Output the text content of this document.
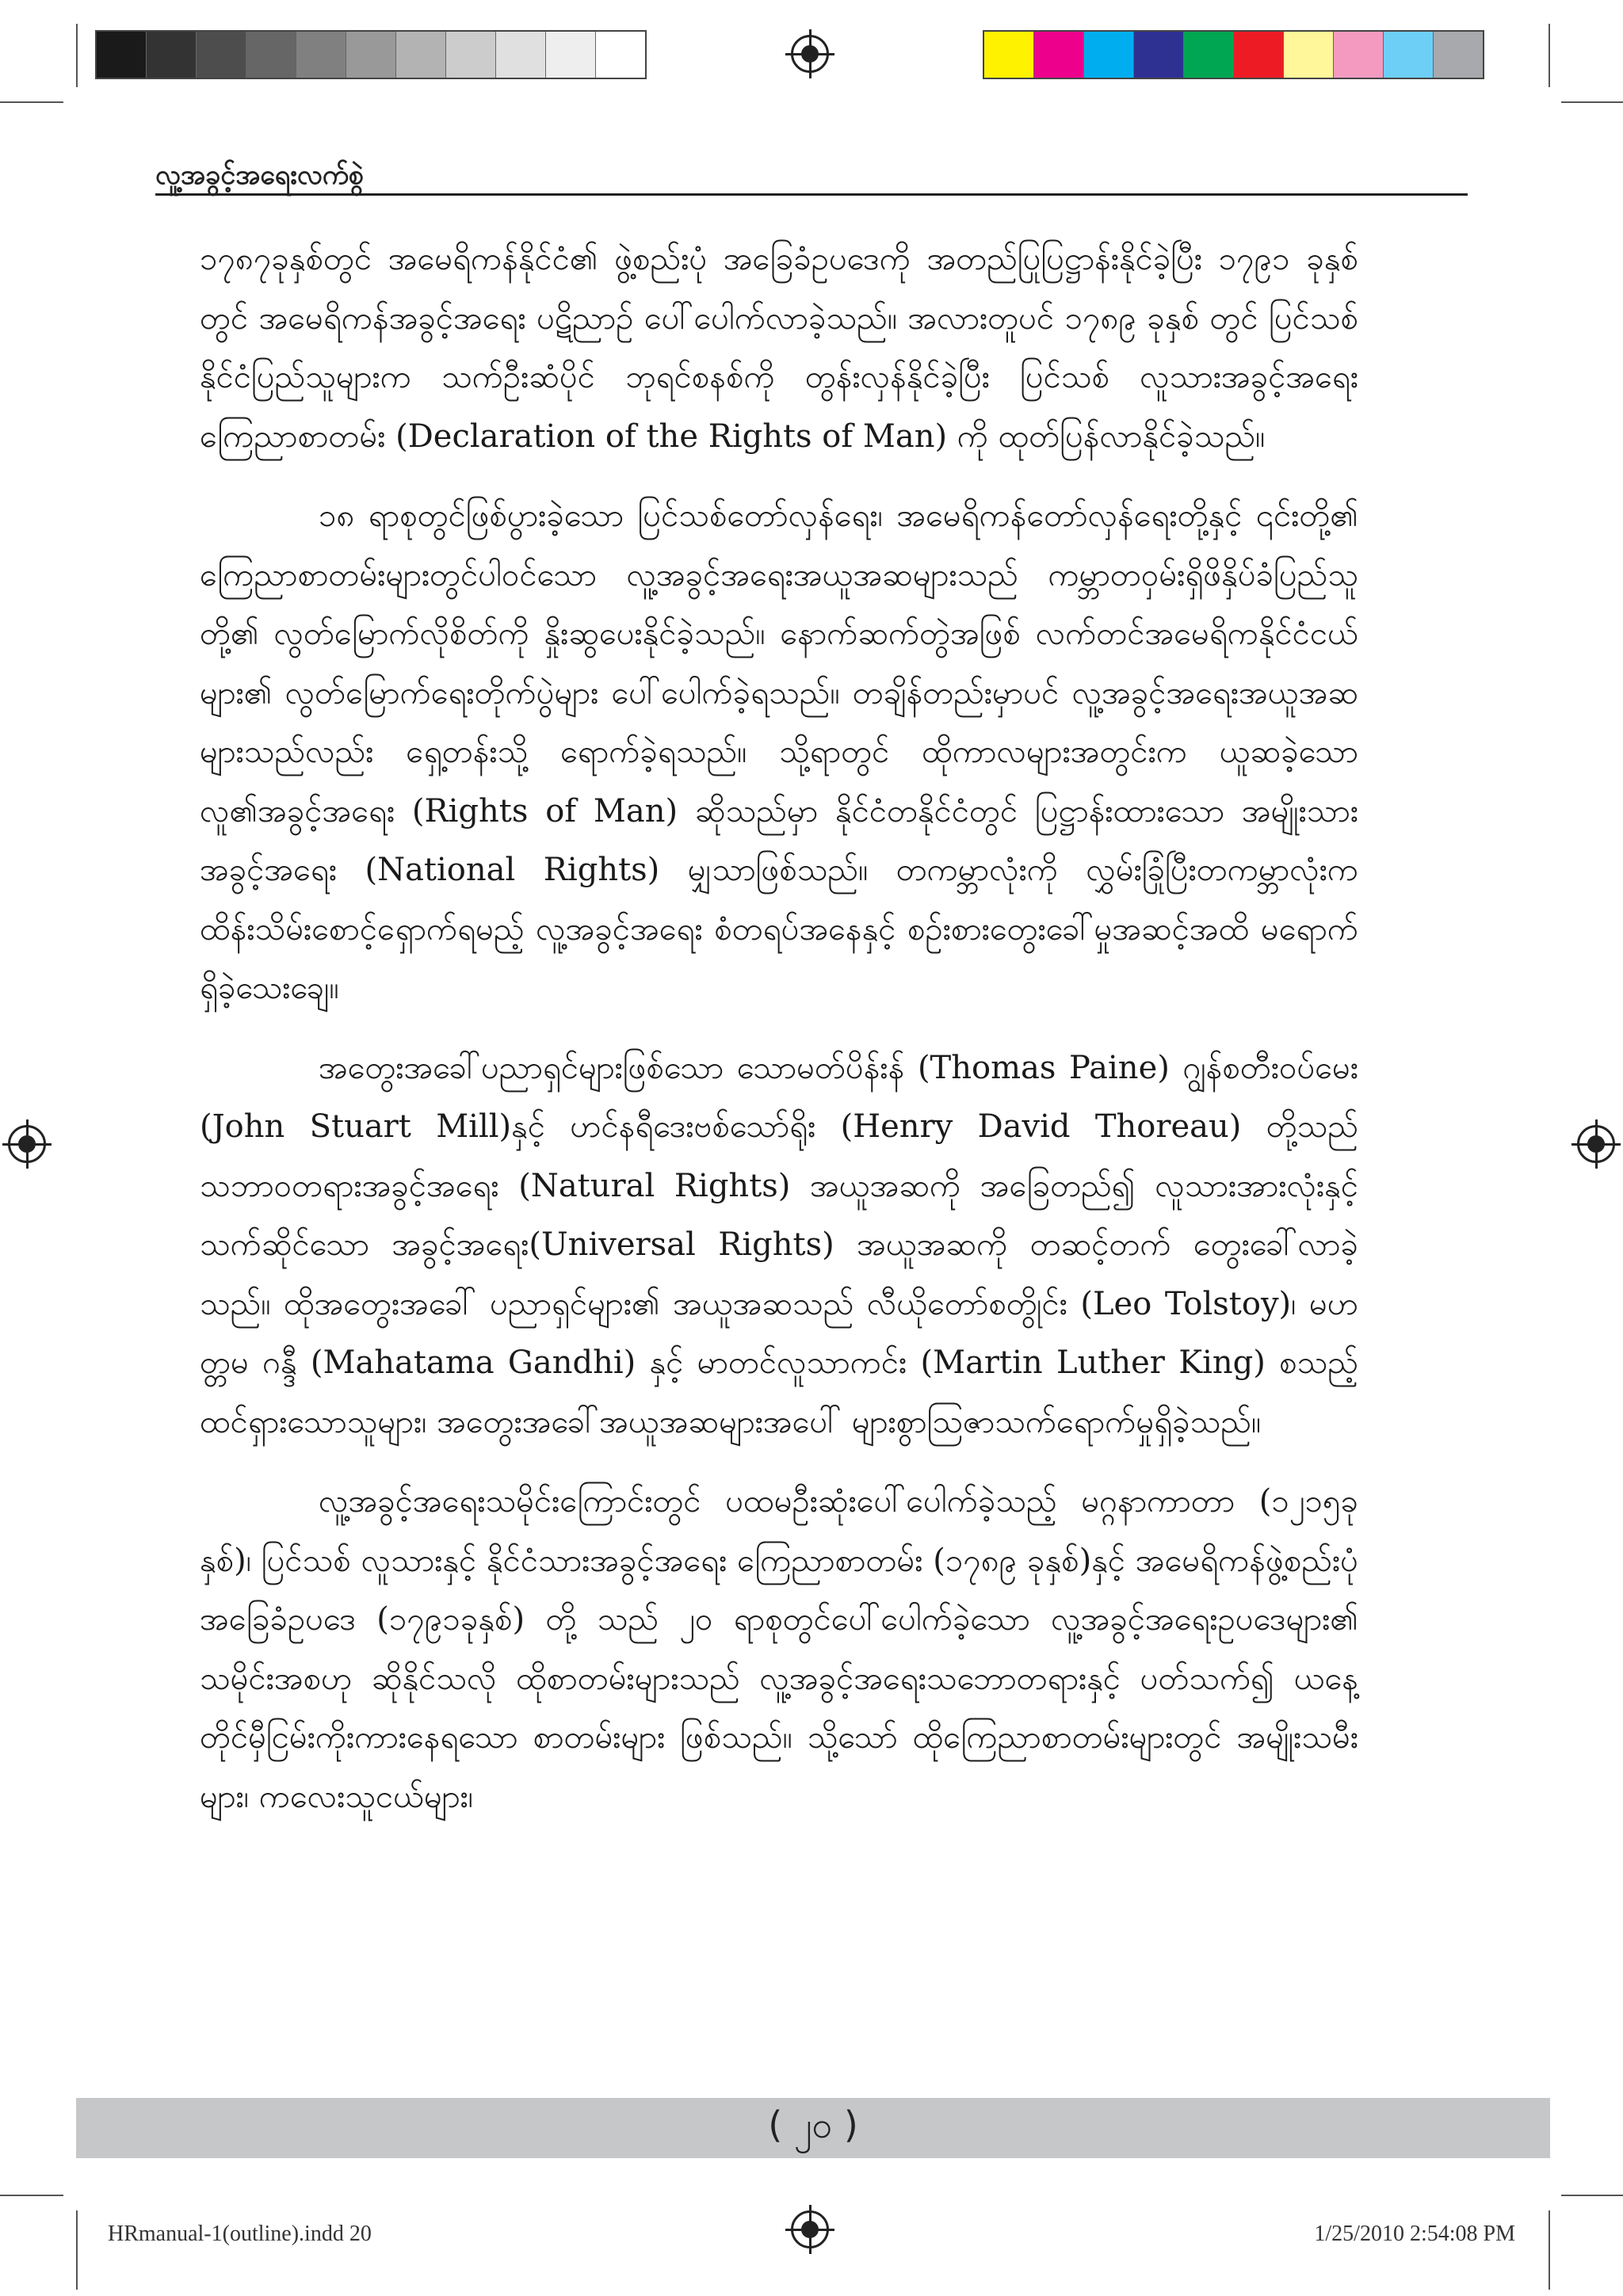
လူ့အခွင့်အရေးလက်စွဲ

၁၇၈၇ခုနှစ်တွင် အမေရိကန်နိုင်ငံ၏ ဖွဲ့စည်းပုံ အခြေခံဥပဒေကို အတည်ပြုပြဋ္ဌာန်းနိုင်ခဲ့ပြီး ၁၇၉၁ ခုနှစ်တွင် အမေရိကန်အခွင့်အရေး ပဋိညာဉ် ပေါ်ပေါက်လာခဲ့သည်။ အလားတူပင် ၁၇၈၉ ခုနှစ် တွင် ပြင်သစ်နိုင်ငံပြည်သူများက သက်ဦးဆံပိုင် ဘုရင်စနစ်ကို တွန်းလှန်နိုင်ခဲ့ပြီး ပြင်သစ် လူသားအခွင့်အရေး ကြေညာစာတမ်း (Declaration of the Rights of Man) ကို ထုတ်ပြန်လာနိုင်ခဲ့သည်။

၁၈ ရာစုတွင်ဖြစ်ပွားခဲ့သော ပြင်သစ်တော်လှန်ရေး၊ အမေရိကန်တော်လှန်ရေးတို့နှင့် ၎င်းတို့၏ ကြေညာစာတမ်းများတွင်ပါဝင်သော လူ့အခွင့်အရေးအယူအဆများသည် ကမ္ဘာတဝှမ်းရှိဖိနှိပ်ခံပြည်သူတို့၏ လွတ်မြောက်လိုစိတ်ကို နှိုးဆွပေးနိုင်ခဲ့သည်။ နောက်ဆက်တွဲအဖြစ် လက်တင်အမေရိကနိုင်ငံငယ်များ၏ လွတ်မြောက်ရေးတိုက်ပွဲများ ပေါ်ပေါက်ခဲ့ရသည်။ တချိန်တည်းမှာပင် လူ့အခွင့်အရေးအယူအဆများသည်လည်း ရှေ့တန်းသို့ ရောက်ခဲ့ရသည်။ သို့ရာတွင် ထိုကာလများအတွင်းက ယူဆခဲ့သော လူ၏အခွင့်အရေး (Rights of Man) ဆိုသည်မှာ နိုင်ငံတနိုင်ငံတွင် ပြဋ္ဌာန်းထားသော အမျိုးသားအခွင့်အရေး (National Rights) မျှသာဖြစ်သည်။ တကမ္ဘာလုံးကို လွှမ်းခြုံပြီးတကမ္ဘာလုံးက ထိန်းသိမ်းစောင့်ရှောက်ရမည့် လူ့အခွင့်အရေး စံတရပ်အနေနှင့် စဉ်းစားတွေးခေါ်မှုအဆင့်အထိ မရောက်ရှိခဲ့သေးချေ။

အတွေးအခေါ်ပညာရှင်များဖြစ်သော သောမတ်ပိန်းန် (Thomas Paine) ဂျွန်စတီးဝပ်မေး (John Stuart Mill)နှင့် ဟင်နရီဒေးဗစ်သော်ရိုး (Henry David Thoreau) တို့သည် သဘာဝတရားအခွင့်အရေး (Natural Rights) အယူအဆကို အခြေတည်၍ လူသားအားလုံးနှင့်သက်ဆိုင်သော အခွင့်အရေး(Universal Rights) အယူအဆကို တဆင့်တက် တွေးခေါ်လာခဲ့သည်။ ထိုအတွေးအခေါ် ပညာရှင်များ၏ အယူအဆသည် လီယိုတော်စတွိုင်း (Leo Tolstoy)၊ မဟတ္တမ ဂန္ဒီ (Mahatama Gandhi) နှင့် မာတင်လူသာကင်း (Martin Luther King) စသည့် ထင်ရှားသောသူများ၊ အတွေးအခေါ်အယူအဆများအပေါ် များစွာသြဇာသက်ရောက်မှုရှိခဲ့သည်။

လူ့အခွင့်အရေးသမိုင်းကြောင်းတွင် ပထမဦးဆုံးပေါ်ပေါက်ခဲ့သည့် မဂ္ဂနာကာတာ (၁၂၁၅ခုနှစ်)၊ ပြင်သစ် လူသားနှင့် နိုင်ငံသားအခွင့်အရေး ကြေညာစာတမ်း (၁၇၈၉ ခုနှစ်)နှင့် အမေရိကန်ဖွဲ့စည်းပုံ အခြေခံဥပဒေ (၁၇၉၁ခုနှစ်) တို့ သည် ၂၀ ရာစုတွင်ပေါ်ပေါက်ခဲ့သော လူ့အခွင့်အရေးဥပဒေများ၏ သမိုင်းအစဟု ဆိုနိုင်သလို ထိုစာတမ်းများသည် လူ့အခွင့်အရေးသဘောတရားနှင့် ပတ်သက်၍ ယနေ့တိုင်မှီငြမ်းကိုးကားနေရသော စာတမ်းများ ဖြစ်သည်။ သို့သော် ထိုကြေညာစာတမ်းများတွင် အမျိုးသမီးများ၊ ကလေးသူငယ်များ၊

( ၂၀ )
HRmanual-1(outline).indd 20	1/25/2010 2:54:08 PM
